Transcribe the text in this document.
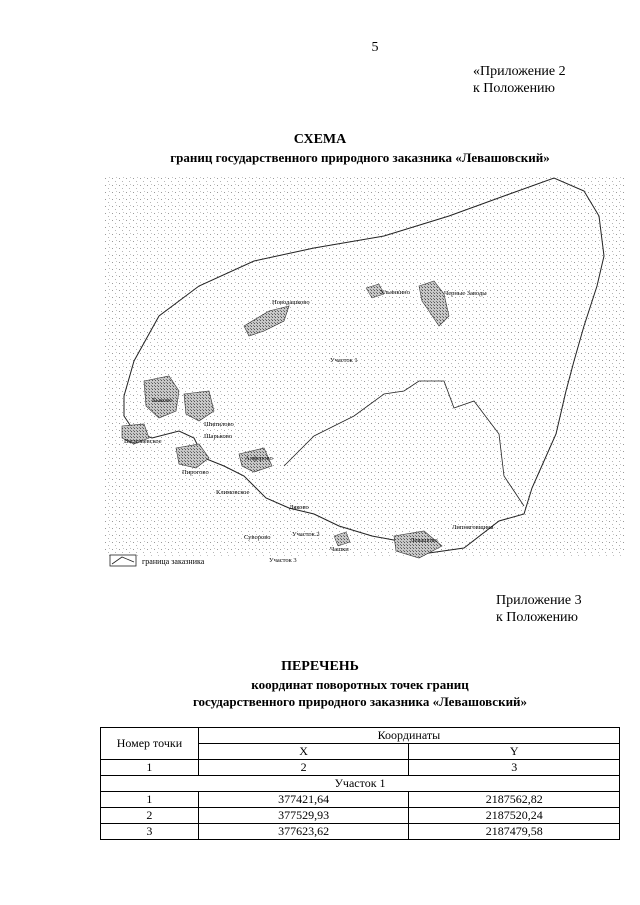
5
«Приложение 2
к Положению
СХЕМА
границ государственного природного заказника «Левашовский»
Новодашково
Ульянкино	Черные Заводы
Участок 1
Быково
Шипилово
Шарьково
Васильевское
Алферово
Пирогово
Климовское
Дяково
Участок 2
Суворово
Чашки
Участок 3
Липняговщина
Левашово
граница заказника
Приложение 3
к Положению
ПЕРЕЧЕНЬ
координат поворотных точек границ
государственного природного заказника «Левашовский»
Номер точки	Координаты	
	X	Y
1	2	3
Участок 1		
1	377421,64	2187562,82
2	377529,93	2187520,24
3	377623,62	2187479,58
